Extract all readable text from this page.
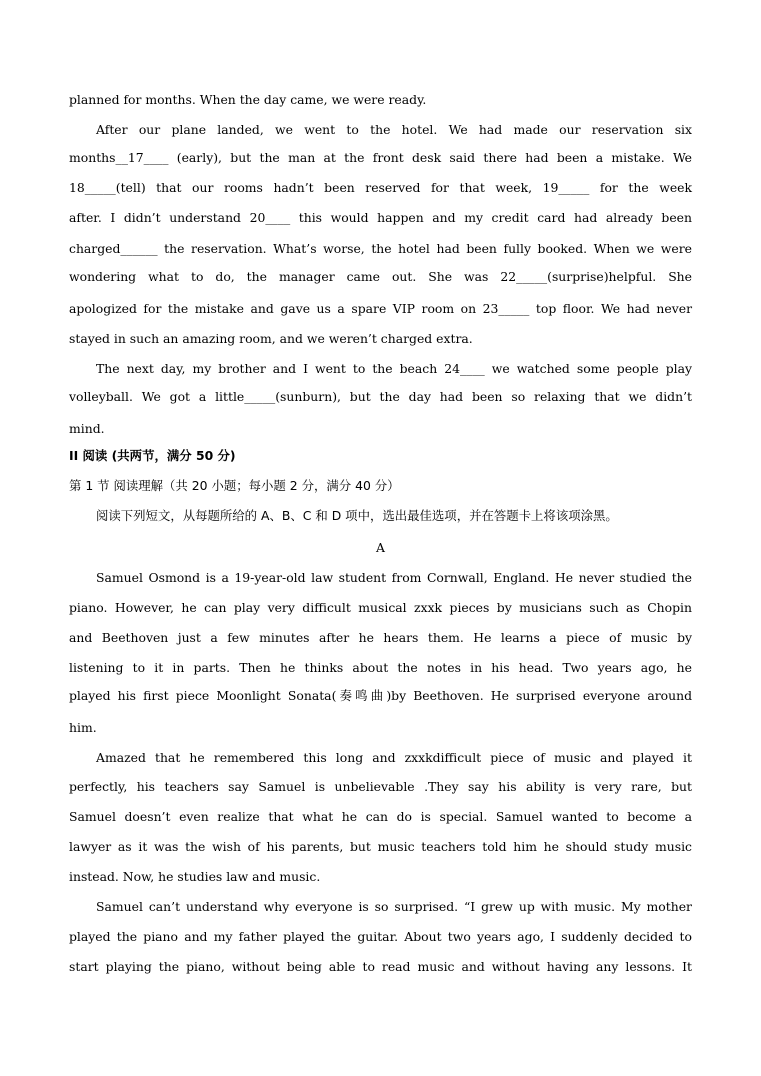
planned for months. When the day came, we were ready.
After our plane landed, we went to the hotel. We had made our reservation six
months__17____ (early), but the man at the front desk said there had been a mistake. We
18_____(tell) that our rooms hadn’t been reserved for that week, 19_____ for the week
after. I didn’t understand 20____ this would happen and my credit card had already been
charged______ the reservation. What’s worse, the hotel had been fully booked. When we were
wondering what to do, the manager came out. She was 22_____(surprise)helpful. She
apologized for the mistake and gave us a spare VIP room on 23_____ top floor. We had never
stayed in such an amazing room, and we weren’t charged extra.
The next day, my brother and I went to the beach 24____ we watched some people play
volleyball. We got a little_____(sunburn), but the day had been so relaxing that we didn’t
mind.
II 阅读 (共两节，满分 50 分)
第 1 节 阅读理解（共 20 小题；每小题 2 分，满分 40 分）
阅读下列短文，从每题所给的 A、B、C 和 D 项中，选出最佳选项，并在答题卡上将该项涂黑。
A
Samuel Osmond is a 19-year-old law student from Cornwall, England. He never studied the
piano. However, he can play very difficult musical zxxk pieces by musicians such as Chopin
and Beethoven just a few minutes after he hears them. He learns a piece of music by
listening to it in parts. Then he thinks about the notes in his head. Two years ago, he
played his first piece Moonlight Sonata(奏鸣曲)by Beethoven. He surprised everyone around
him.
Amazed that he remembered this long and zxxkdifficult piece of music and played it
perfectly, his teachers say Samuel is unbelievable .They say his ability is very rare, but
Samuel doesn’t even realize that what he can do is special. Samuel wanted to become a
lawyer as it was the wish of his parents, but music teachers told him he should study music
instead. Now, he studies law and music.
Samuel can’t understand why everyone is so surprised. “I grew up with music. My mother
played the piano and my father played the guitar. About two years ago, I suddenly decided to
start playing the piano, without being able to read music and without having any lessons. It
